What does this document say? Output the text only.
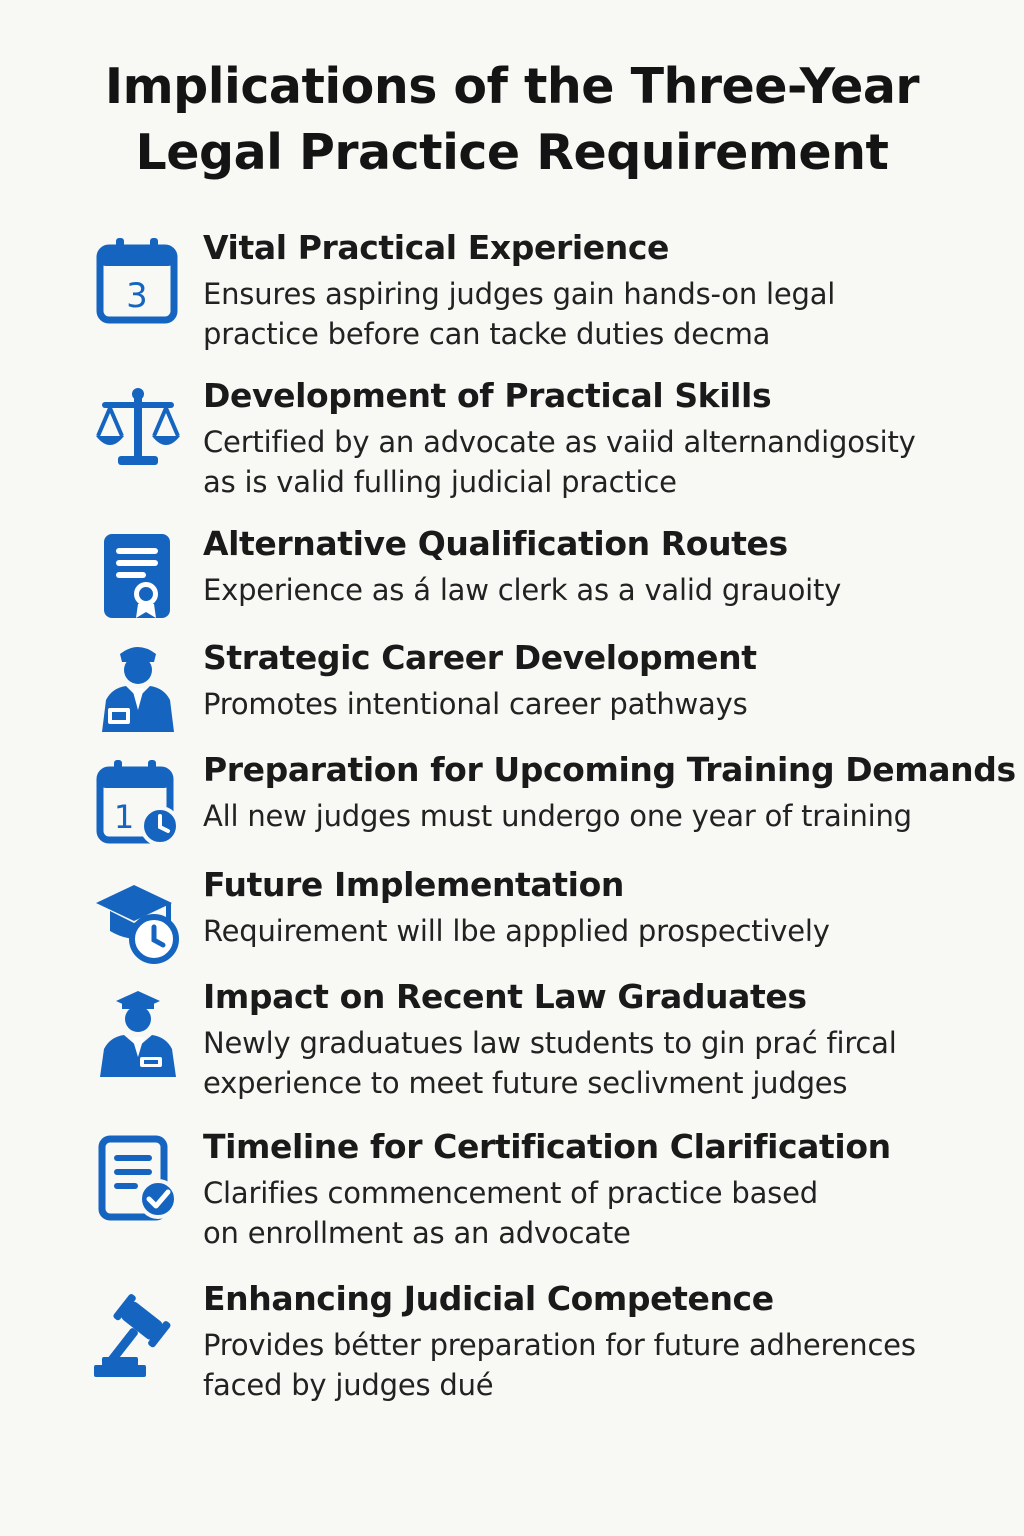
Implications of the Three-Year
Legal Practice Requirement
3
Vital Practical Experience
Ensures aspiring judges gain hands-on legal
practice before can tacke duties decma
Development of Practical Skills
Certified by an advocate as vaiid alternandigosity
as is valid fulling judicial practice
Alternative Qualification Routes
Experience as á law clerk as a valid grauoity
Strategic Career Development
Promotes intentional career pathways
1
Preparation for Upcoming Training Demands
All new judges must undergo one year of training
Future Implementation
Requirement will lbe appplied prospectively
Impact on Recent Law Graduates
Newly graduatues law students to gin prać fircal
experience to meet future seclivment judges
Timeline for Certification Clarification
Clarifies commencement of practice based
on enrollment as an advocate
Enhancing Judicial Competence
Provides bétter preparation for future adherences
faced by judges dué
